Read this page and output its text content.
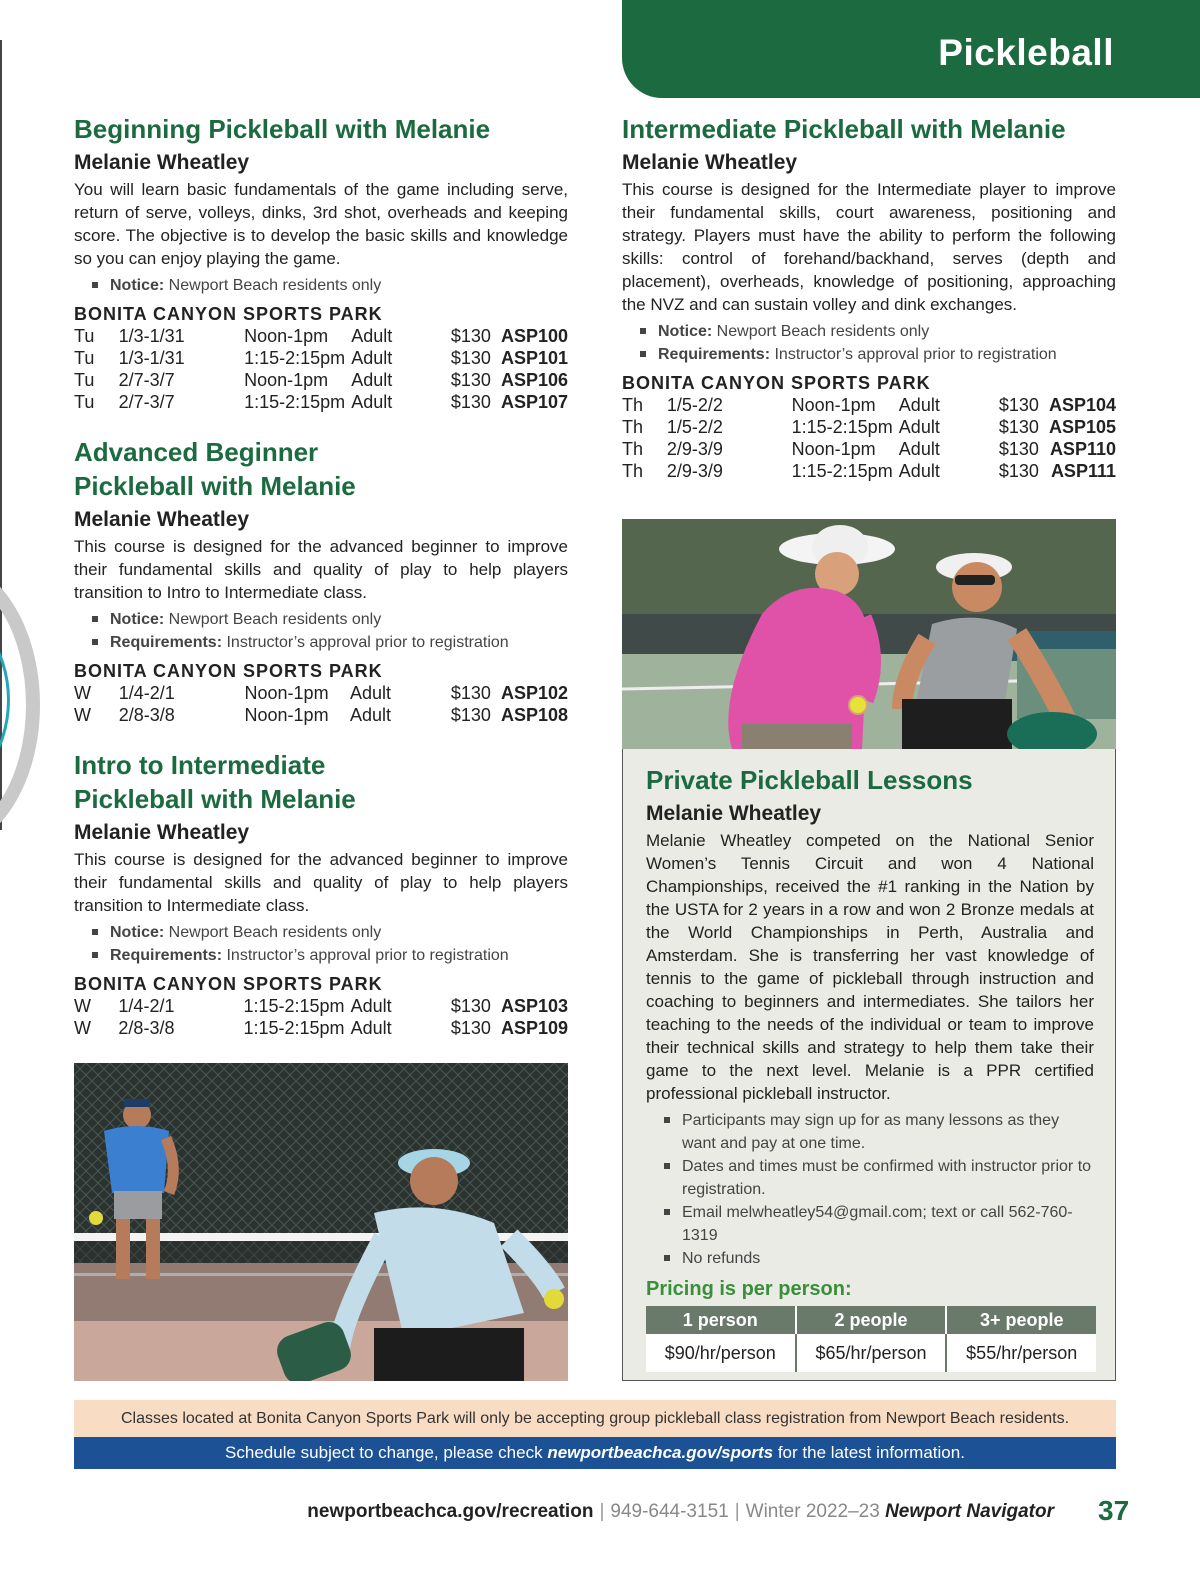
Pickleball
Beginning Pickleball with Melanie
Melanie Wheatley

You will learn basic fundamentals of the game including serve, return of serve, volleys, dinks, 3rd shot, overheads and keeping score. The objective is to develop the basic skills and knowledge so you can enjoy playing the game.

Notice: Newport Beach residents only
BONITA CANYON SPORTS PARK
Tu	1/3-1/31	Noon-1pm	Adult	$130	ASP100
Tu	1/3-1/31	1:15-2:15pm	Adult	$130	ASP101
Tu	2/7-3/7	Noon-1pm	Adult	$130	ASP106
Tu	2/7-3/7	1:15-2:15pm	Adult	$130	ASP107
Advanced Beginner
Pickleball with Melanie
Melanie Wheatley

This course is designed for the advanced beginner to improve their fundamental skills and quality of play to help players transition to Intro to Intermediate class.

Notice: Newport Beach residents only
Requirements: Instructor’s approval prior to registration
BONITA CANYON SPORTS PARK
W	1/4-2/1	Noon-1pm	Adult	$130	ASP102
W	2/8-3/8	Noon-1pm	Adult	$130	ASP108
Intro to Intermediate
Pickleball with Melanie
Melanie Wheatley

This course is designed for the advanced beginner to improve their fundamental skills and quality of play to help players transition to Intermediate class.

Notice: Newport Beach residents only
Requirements: Instructor’s approval prior to registration
BONITA CANYON SPORTS PARK
W	1/4-2/1	1:15-2:15pm	Adult	$130	ASP103
W	2/8-3/8	1:15-2:15pm	Adult	$130	ASP109
Intermediate Pickleball with Melanie
Melanie Wheatley

This course is designed for the Intermediate player to improve their fundamental skills, court awareness, positioning and strategy. Players must have the ability to perform the following skills: control of forehand/backhand, serves (depth and placement), overheads, knowledge of positioning, approaching the NVZ and can sustain volley and dink exchanges.

Notice: Newport Beach residents only
Requirements: Instructor’s approval prior to registration
BONITA CANYON SPORTS PARK
Th	1/5-2/2	Noon-1pm	Adult	$130	ASP104
Th	1/5-2/2	1:15-2:15pm	Adult	$130	ASP105
Th	2/9-3/9	Noon-1pm	Adult	$130	ASP110
Th	2/9-3/9	1:15-2:15pm	Adult	$130	ASP111
Private Pickleball Lessons
Melanie Wheatley

Melanie Wheatley competed on the National Senior Women’s Tennis Circuit and won 4 National Championships, received the #1 ranking in the Nation by the USTA for 2 years in a row and won 2 Bronze medals at the World Championships in Perth, Australia and Amsterdam. She is transferring her vast knowledge of tennis to the game of pickleball through instruction and coaching to beginners and intermediates. She tailors her teaching to the needs of the individual or team to improve their technical skills and strategy to help them take their game to the next level. Melanie is a PPR certified professional pickleball instructor.

Participants may sign up for as many lessons as they want and pay at one time.
Dates and times must be confirmed with instructor prior to registration.
Email melwheatley54@gmail.com; text or call 562-760-1319
No refunds
Pricing is per person:
1 person	2 people	3+ people
$90/hr/person	$65/hr/person	$55/hr/person
Classes located at Bonita Canyon Sports Park will only be accepting group pickleball class registration from Newport Beach residents.
Schedule subject to change, please check newportbeachca.gov/sports for the latest information.
newportbeachca.gov/recreation | 949-644-3151 | Winter 2022–23 Newport Navigator 37
